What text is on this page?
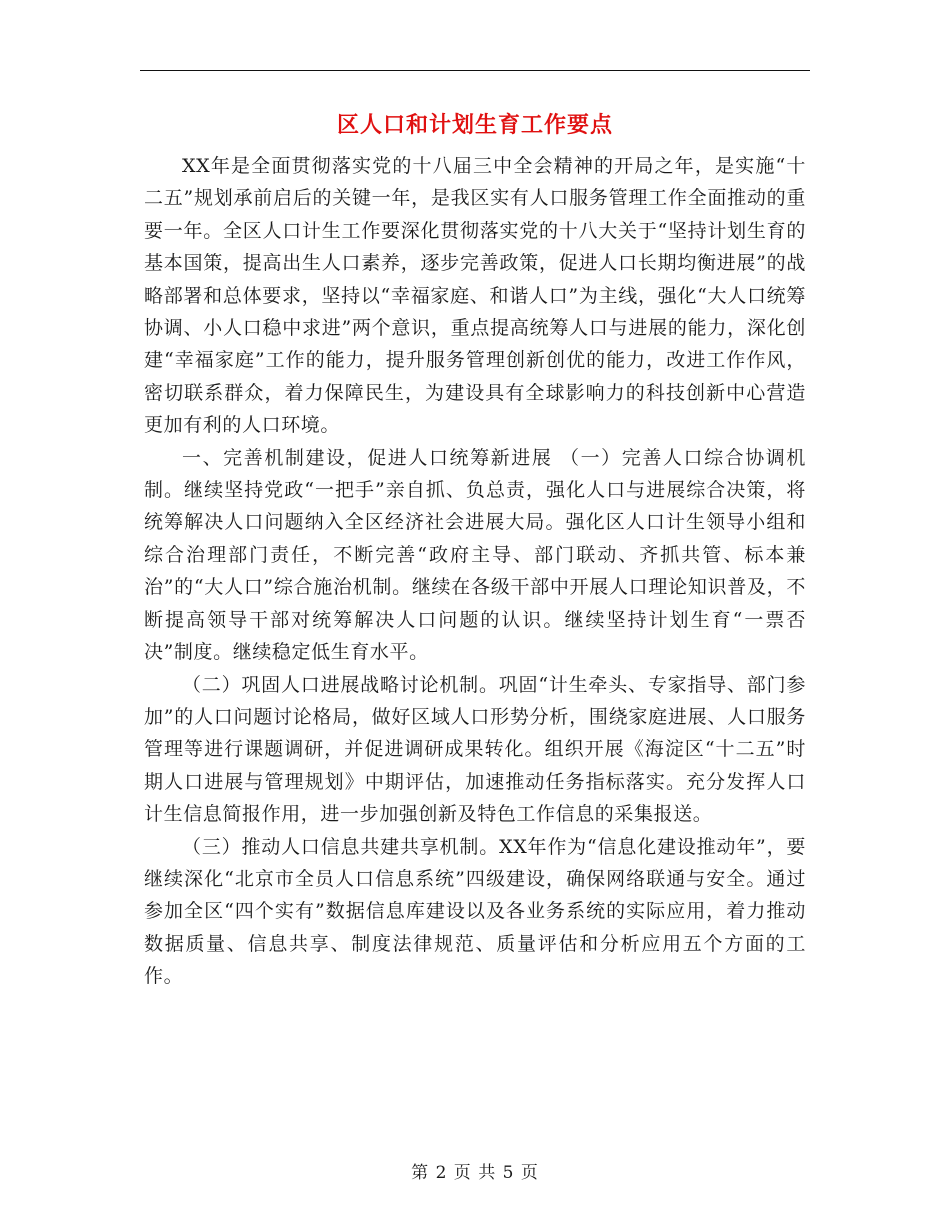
区人口和计划生育工作要点

XX年是全面贯彻落实党的十八届三中全会精神的开局之年，是实施“十二五”规划承前启后的关键一年，是我区实有人口服务管理工作全面推动的重要一年。全区人口计生工作要深化贯彻落实党的十八大关于“坚持计划生育的基本国策，提高出生人口素养，逐步完善政策，促进人口长期均衡进展”的战略部署和总体要求，坚持以“幸福家庭、和谐人口”为主线，强化“大人口统筹协调、小人口稳中求进”两个意识，重点提高统筹人口与进展的能力，深化创建“幸福家庭”工作的能力，提升服务管理创新创优的能力，改进工作作风，密切联系群众，着力保障民生，为建设具有全球影响力的科技创新中心营造更加有利的人口环境。

一、完善机制建设，促进人口统筹新进展 （一）完善人口综合协调机制。继续坚持党政“一把手”亲自抓、负总责，强化人口与进展综合决策，将统筹解决人口问题纳入全区经济社会进展大局。强化区人口计生领导小组和综合治理部门责任，不断完善“政府主导、部门联动、齐抓共管、标本兼治”的“大人口”综合施治机制。继续在各级干部中开展人口理论知识普及，不断提高领导干部对统筹解决人口问题的认识。继续坚持计划生育“一票否决”制度。继续稳定低生育水平。

（二）巩固人口进展战略讨论机制。巩固“计生牵头、专家指导、部门参加”的人口问题讨论格局，做好区域人口形势分析，围绕家庭进展、人口服务管理等进行课题调研，并促进调研成果转化。组织开展《海淀区“十二五”时期人口进展与管理规划》中期评估，加速推动任务指标落实。充分发挥人口计生信息简报作用，进一步加强创新及特色工作信息的采集报送。

（三）推动人口信息共建共享机制。XX年作为“信息化建设推动年”，要继续深化“北京市全员人口信息系统”四级建设，确保网络联通与安全。通过参加全区“四个实有”数据信息库建设以及各业务系统的实际应用，着力推动数据质量、信息共享、制度法律规范、质量评估和分析应用五个方面的工作。

第 2 页 共 5 页
